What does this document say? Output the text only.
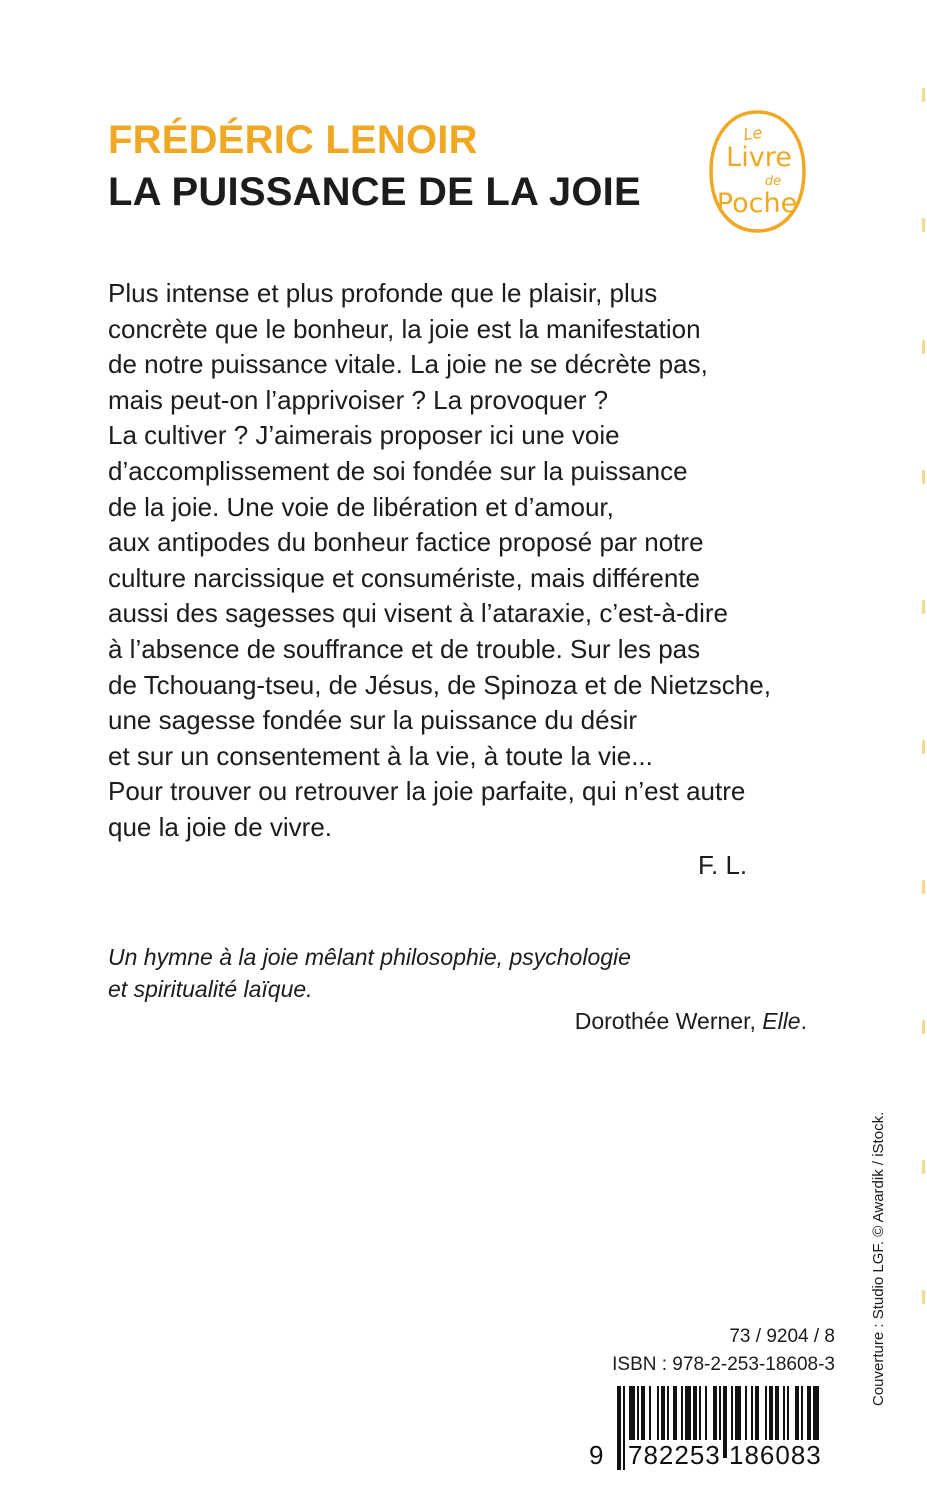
FRÉDÉRIC LENOIR
LA PUISSANCE DE LA JOIE
Le
Livre
de
Poche
Plus intense et plus profonde que le plaisir, plus
concrète que le bonheur, la joie est la manifestation
de notre puissance vitale. La joie ne se décrète pas,
mais peut-on l’apprivoiser ? La provoquer ?
La cultiver ? J’aimerais proposer ici une voie
d’accomplissement de soi fondée sur la puissance
de la joie. Une voie de libération et d’amour,
aux antipodes du bonheur factice proposé par notre
culture narcissique et consumériste, mais différente
aussi des sagesses qui visent à l’ataraxie, c’est-à-dire
à l’absence de souffrance et de trouble. Sur les pas
de Tchouang-tseu, de Jésus, de Spinoza et de Nietzsche,
une sagesse fondée sur la puissance du désir
et sur un consentement à la vie, à toute la vie...
Pour trouver ou retrouver la joie parfaite, qui n’est autre
que la joie de vivre.
F. L.
Un hymne à la joie mêlant philosophie, psychologie
et spiritualité laïque.
Dorothée Werner, Elle.
Couverture : Studio LGF. © Awardik / iStock.
73 / 9204 / 8
ISBN : 978-2-253-18608-3
9 782253 186083
